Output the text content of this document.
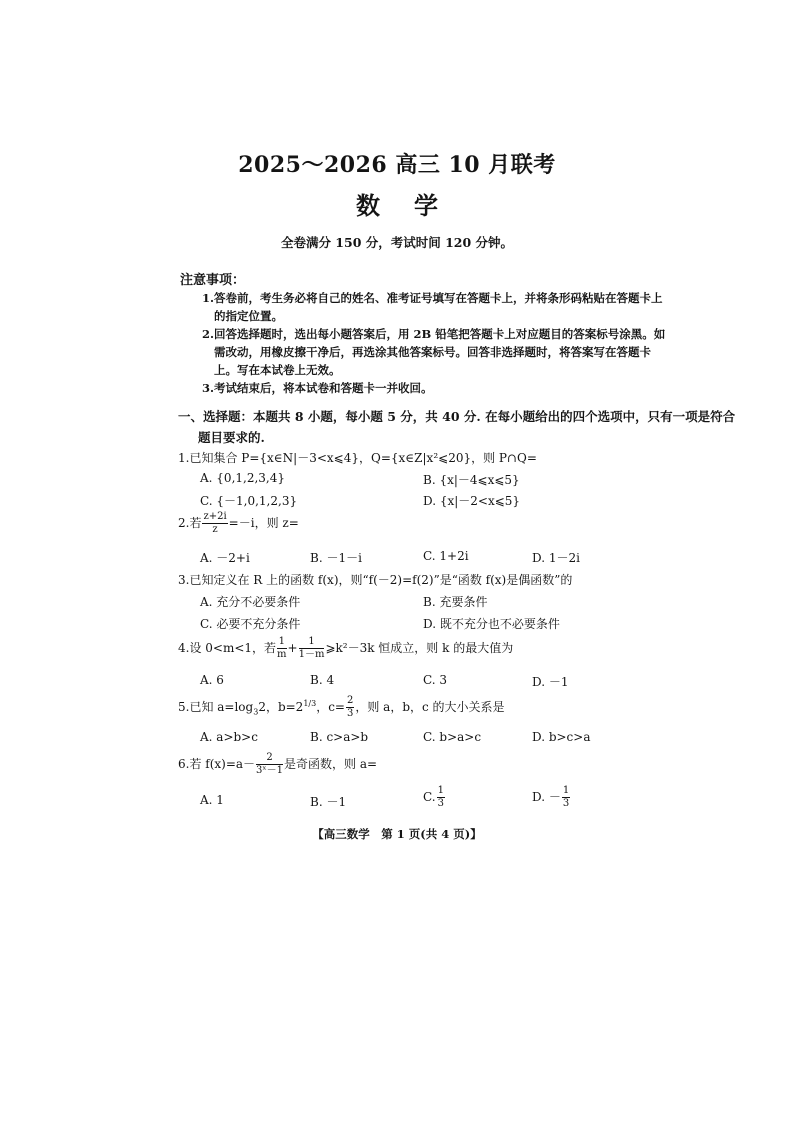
2025～2026 高三 10 月联考
数学
全卷满分 150 分，考试时间 120 分钟。
注意事项：
1.答卷前，考生务必将自己的姓名、准考证号填写在答题卡上，并将条形码粘贴在答题卡上
的指定位置。
2.回答选择题时，选出每小题答案后，用 2B 铅笔把答题卡上对应题目的答案标号涂黑。如
需改动，用橡皮擦干净后，再选涂其他答案标号。回答非选择题时，将答案写在答题卡
上。写在本试卷上无效。
3.考试结束后，将本试卷和答题卡一并收回。
一、选择题：本题共 8 小题，每小题 5 分，共 40 分. 在每小题给出的四个选项中，只有一项是符合
题目要求的.
1.已知集合 P={x∈N|－3<x⩽4}，Q={x∈Z|x²⩽20}，则 P∩Q=
A. {0,1,2,3,4}	B. {x|－4⩽x⩽5}
C. {－1,0,1,2,3}	D. {x|－2<x⩽5}
2.若 $\frac{z+2i}{z} =-i$，则 z=
A. －2+i	B. －1－i	C. 1+2i	D. 1－2i
3.已知定义在 R 上的函数 f(x)，则“f(－2)=f(2)”是“函数 f(x)是偶函数”的
A. 充分不必要条件	B. 充要条件
C. 必要不充分条件	D. 既不充分也不必要条件
4.设 0<m<1，若 $\frac{1}{m} + \frac{1}{1-m}$ ⩾k²－3k 恒成立，则 k 的最大值为
A. 6	B. 4	C. 3	D. －1
5.已知 $a=\log_32$，$b=2^{1/3}$，$c= \frac{2}{3}$ ，则 a，b，c 的大小关系是
A. a>b>c	B. c>a>b	C. b>a>c	D. b>c>a
6.若 $f(x)=a- \frac{2}{\text{3ˣ－1}}$ 是奇函数，则 a=
A. 1	B. －1	C. $\frac{1}{3}$	D. － $\frac{1}{3}$
【高三数学　第 1 页(共 4 页)】
